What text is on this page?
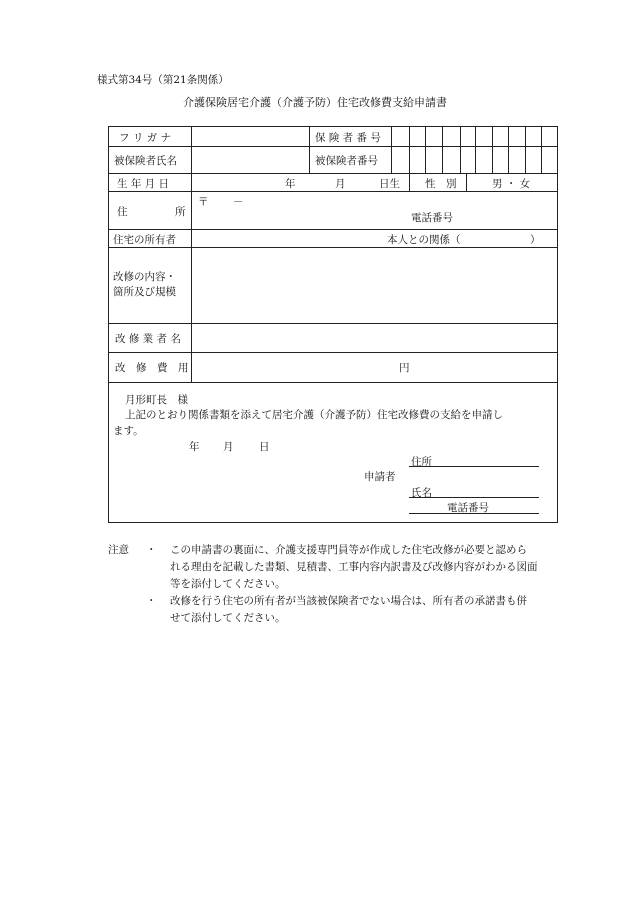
様式第34号（第21条関係）
介護保険居宅介護（介護予防）住宅改修費支給申請書
フ リ ガ ナ	保 険 者 番 号
被保険者氏名	被保険者番号
生 年 月 日	年	月	日生 性　別	男 ・ 女
住	所
〒 －
電話番号
住宅の所有者	本人との関係（	）
改修の内容・
箇所及び規模
改 修 業 者 名
改　修　費　用	円
月形町長　様
上記のとおり関係書類を添えて居宅介護（介護予防）住宅改修費の支給を申請し
ます。
年 月 日
申請者
住所
氏名
電話番号
注意 ・ この申請書の裏面に、介護支援専門員等が作成した住宅改修が必要と認めら
れる理由を記載した書類、見積書、工事内容内訳書及び改修内容がわかる図面
等を添付してください。
・ 改修を行う住宅の所有者が当該被保険者でない場合は、所有者の承諾書も併
せて添付してください。
